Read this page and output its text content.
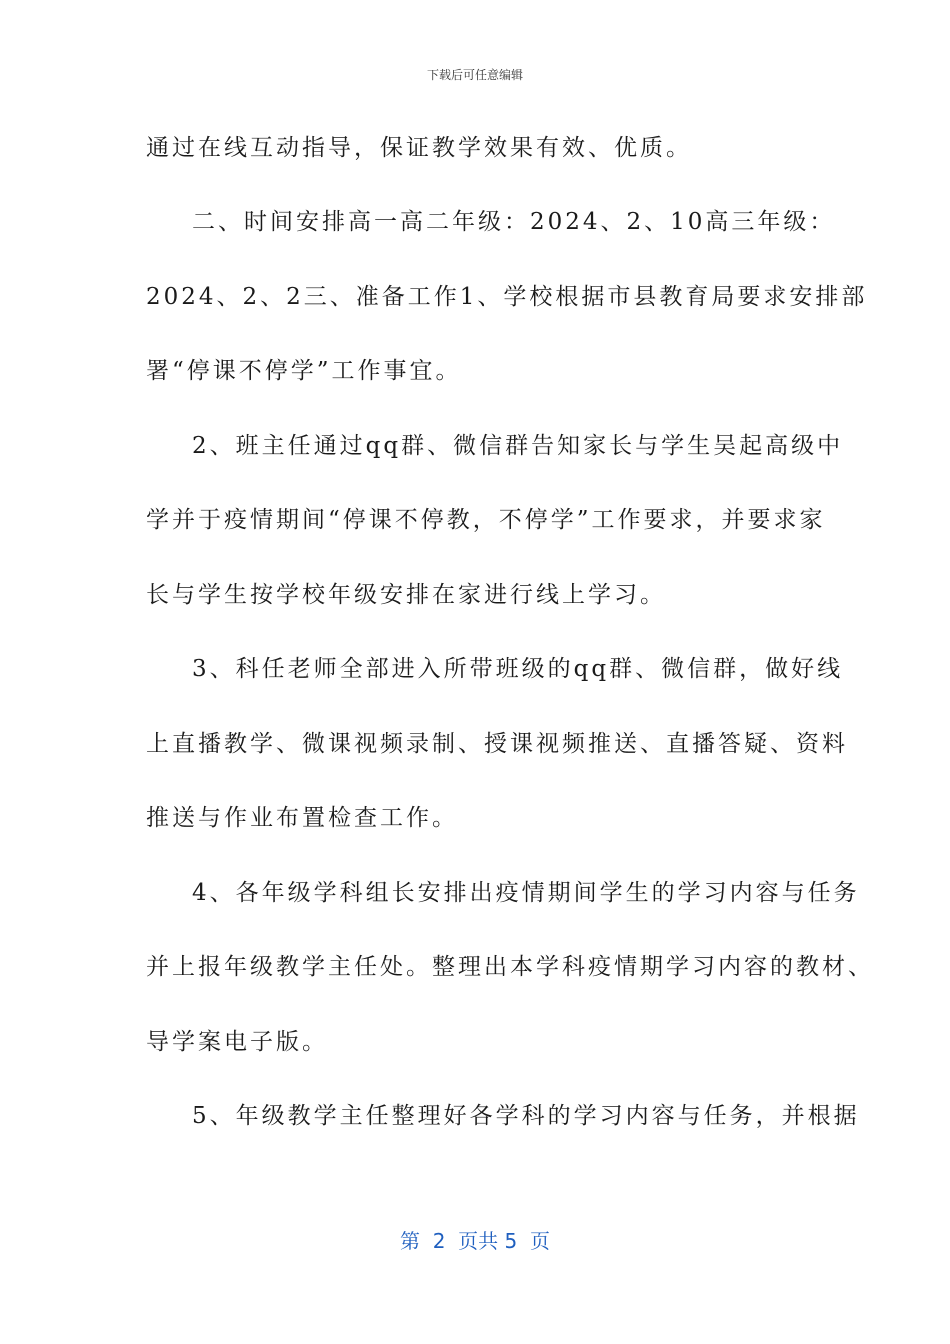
下载后可任意编辑
通过在线互动指导，保证教学效果有效、优质。
二、时间安排高一高二年级：2024、2、10高三年级：
2024、2、2三、准备工作1、学校根据市县教育局要求安排部
署“停课不停学”工作事宜。
2、班主任通过qq群、微信群告知家长与学生吴起高级中
学并于疫情期间“停课不停教，不停学”工作要求，并要求家
长与学生按学校年级安排在家进行线上学习。
3、科任老师全部进入所带班级的qq群、微信群，做好线
上直播教学、微课视频录制、授课视频推送、直播答疑、资料
推送与作业布置检查工作。
4、各年级学科组长安排出疫情期间学生的学习内容与任务
并上报年级教学主任处。整理出本学科疫情期学习内容的教材、
导学案电子版。
5、年级教学主任整理好各学科的学习内容与任务，并根据
第  2  页共 5  页
